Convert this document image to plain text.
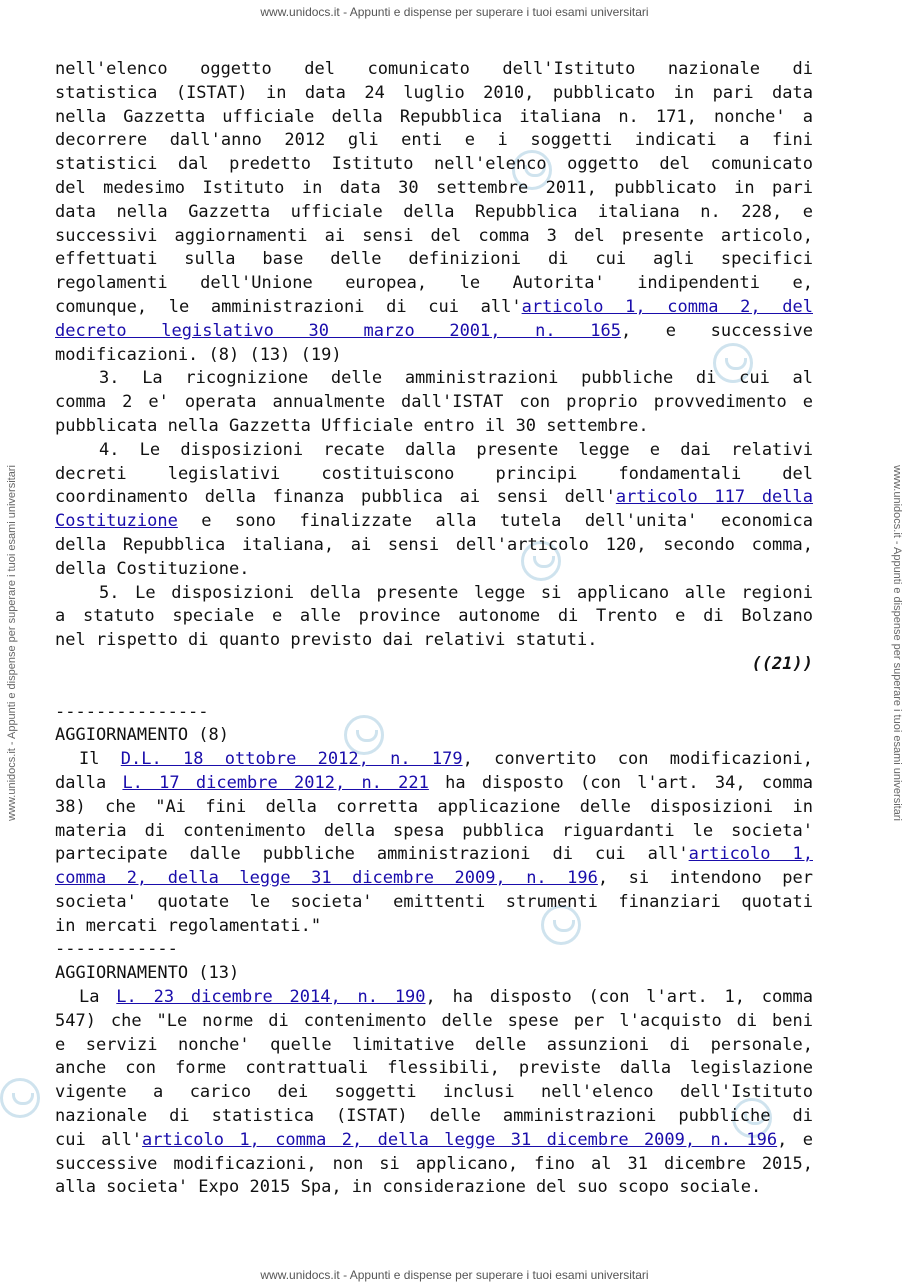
www.unidocs.it - Appunti e dispense per superare i tuoi esami universitari
www.unidocs.it - Appunti e dispense per superare i tuoi esami universitari
www.unidocs.it - Appunti e dispense per superare i tuoi esami universitari	www.unidocs.it - Appunti e dispense per superare i tuoi esami universitari
nell'elenco oggetto del comunicato dell'Istituto nazionale di
statistica (ISTAT) in data 24 luglio 2010, pubblicato in pari data
nella Gazzetta ufficiale della Repubblica italiana n. 171, nonche' a
decorrere dall'anno 2012 gli enti e i soggetti indicati a fini
statistici dal predetto Istituto nell'elenco oggetto del comunicato
del medesimo Istituto in data 30 settembre 2011, pubblicato in pari
data nella Gazzetta ufficiale della Repubblica italiana n. 228, e
successivi aggiornamenti ai sensi del comma 3 del presente articolo,
effettuati sulla base delle definizioni di cui agli specifici
regolamenti dell'Unione europea, le Autorita' indipendenti e,
comunque, le amministrazioni di cui all'articolo 1, comma 2, del
decreto legislativo 30 marzo 2001, n. 165, e successive
modificazioni. (8) (13) (19)
3. La ricognizione delle amministrazioni pubbliche di cui al
comma 2 e' operata annualmente dall'ISTAT con proprio provvedimento e
pubblicata nella Gazzetta Ufficiale entro il 30 settembre.
4. Le disposizioni recate dalla presente legge e dai relativi
decreti legislativi costituiscono principi fondamentali del
coordinamento della finanza pubblica ai sensi dell'articolo 117 della
Costituzione e sono finalizzate alla tutela dell'unita' economica
della Repubblica italiana, ai sensi dell'articolo 120, secondo comma,
della Costituzione.
5. Le disposizioni della presente legge si applicano alle regioni
a statuto speciale e alle province autonome di Trento e di Bolzano
nel rispetto di quanto previsto dai relativi statuti.
((21))
---------------
AGGIORNAMENTO (8)
Il D.L. 18 ottobre 2012, n. 179, convertito con modificazioni,
dalla L. 17 dicembre 2012, n. 221 ha disposto (con l'art. 34, comma
38) che "Ai fini della corretta applicazione delle disposizioni in
materia di contenimento della spesa pubblica riguardanti le societa'
partecipate dalle pubbliche amministrazioni di cui all'articolo 1,
comma 2, della legge 31 dicembre 2009, n. 196, si intendono per
societa' quotate le societa' emittenti strumenti finanziari quotati
in mercati regolamentati."
------------
AGGIORNAMENTO (13)
La L. 23 dicembre 2014, n. 190, ha disposto (con l'art. 1, comma
547) che "Le norme di contenimento delle spese per l'acquisto di beni
e servizi nonche' quelle limitative delle assunzioni di personale,
anche con forme contrattuali flessibili, previste dalla legislazione
vigente a carico dei soggetti inclusi nell'elenco dell'Istituto
nazionale di statistica (ISTAT) delle amministrazioni pubbliche di
cui all'articolo 1, comma 2, della legge 31 dicembre 2009, n. 196, e
successive modificazioni, non si applicano, fino al 31 dicembre 2015,
alla societa' Expo 2015 Spa, in considerazione del suo scopo sociale.
